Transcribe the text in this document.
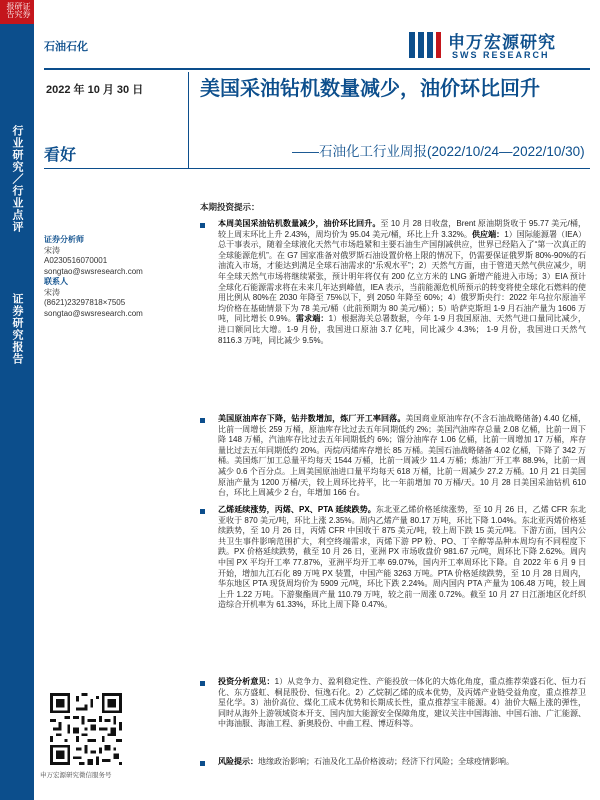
证券研究报告
行业研究／行业点评
证券研究报告
石油石化	申万宏源研究
SWS RESEARCH
2022 年 10 月 30 日	美国采油钻机数量减少，油价环比回升
——石油化工行业周报(2022/10/24—2022/10/30)
看好
证券分析师
宋涛
A0230516070001
songtao@swsresearch.com
联系人
宋涛
(8621)23297818×7505
songtao@swsresearch.com
本期投资提示：
本周美国采油钻机数量减少，油价环比回升。至 10 月 28 日收盘，Brent 原油期货收于 95.77 美元/桶，较上周末环比上升 2.43%，周均价为 95.04 美元/桶，环比上升 3.32%。供应端：1）国际能源署（IEA）总干事表示，随着全球液化天然气市场趋紧和主要石油生产国削减供应，世界已经陷入了“第一次真正的全球能源危机”。在 G7 国家准备对俄罗斯石油设置价格上限的情况下，仍需要保证俄罗斯 80%-90%的石油流入市场，才能达到满足全球石油需求的“乐观水平”；2）天然气方面，由于管道天然气供应减少，明年全球天然气市场将继续紧张，预计明年将仅有 200 亿立方米的 LNG 新增产能进入市场；3）EIA 预计全球化石能源需求将在未来几年达到峰值，IEA 表示，当前能源危机所预示的转变将使全球化石燃料的使用比例从 80%在 2030 年降至 75%以下，到 2050 年降至 60%；4）俄罗斯央行：2022 年乌拉尔原油平均价格在基础情景下为 78 美元/桶（此前预期为 80 美元/桶）；5）哈萨克斯坦 1-9 月石油产量为 1606 万吨，同比增长 0.9%。需求端：1）根据海关总署数据，今年 1-9 月我国原油、天然气进口量同比减少，进口额同比大增。1-9 月份，我国进口原油 3.7 亿吨，同比减少 4.3%； 1-9 月份，我国进口天然气 8116.3 万吨，同比减少 9.5%。
美国原油库存下降，钻井数增加，炼厂开工率回落。美国商业原油库存(不含石油战略储备) 4.40 亿桶，比前一周增长 259 万桶，原油库存比过去五年同期低约 2%；美国汽油库存总量 2.08 亿桶，比前一周下降 148 万桶，汽油库存比过去五年同期低约 6%；馏分油库存 1.06 亿桶，比前一周增加 17 万桶，库存量比过去五年同期低约 20%。丙烷/丙烯库存增长 85 万桶。美国石油战略储备 4.02 亿桶，下降了 342 万桶。美国炼厂加工总量平均每天 1544 万桶，比前一周减少 11.4 万桶；炼油厂开工率 88.9%，比前一周减少 0.6 个百分点。上周美国原油进口量平均每天 618 万桶，比前一周减少 27.2 万桶。10 月 21 日美国原油产量为 1200 万桶/天，较上周环比持平，比一年前增加 70 万桶/天。10 月 28 日美国采油钻机 610 台，环比上周减少 2 台，年增加 166 台。
乙烯延续涨势，丙烯、PX、PTA 延续跌势。东北亚乙烯价格延续涨势，至 10 月 26 日，乙烯 CFR 东北亚收于 870 美元/吨，环比上涨 2.35%。周内乙烯产量 80.17 万吨，环比下降 1.04%。东北亚丙烯价格延续跌势，至 10 月 26 日，丙烯 CFR 中国收于 875 美元/吨，较上周下跌 15 美元/吨。下游方面，国内公共卫生事件影响范围扩大，利空终端需求，丙烯下游 PP 粉、PO、丁辛醇等品种本周均有不同程度下跌。PX 价格延续跌势，截至 10 月 26 日，亚洲 PX 市场收盘价 981.67 元/吨，周环比下降 2.62%。周内中国 PX 平均开工率 77.87%，亚洲平均开工率 69.07%，国内开工率周环比下降。自 2022 年 6 月 9 日开始，增加九江石化 89 万吨 PX 装置，中国产能 3263 万吨。PTA 价格延续跌势，至 10 月 28 日周内，华东地区 PTA 现货周均价为 5909 元/吨，环比下跌 2.24%。周内国内 PTA 产量为 106.48 万吨，较上周上升 1.22 万吨。下游聚酯周产量 110.79 万吨，较之前一周涨 0.72%。截至 10 月 27 日江浙地区化纤织造综合开机率为 61.33%，环比上周下降 0.47%。
投资分析意见：1）从竞争力、盈利稳定性、产能投放一体化的大炼化角度，重点推荐荣盛石化、恒力石化、东方盛虹、桐昆股份、恒逸石化。2）乙烷制乙烯的成本优势，及丙烯产业链受益角度，重点推荐卫星化学。3）油价高位、煤化工成本优势和长期成长性，重点推荐宝丰能源。4）油价大幅上涨的弹性，同时从海外上游领域资本开支、国内加大能源安全保障角度，建议关注中国海油、中国石油、广汇能源、中海油服、海油工程、新奥股份、中曲工程、博迈科等。
风险提示：地缘政治影响；石油及化工品价格波动；经济下行风险；全球疫情影响。
申万宏源研究微信服务号
